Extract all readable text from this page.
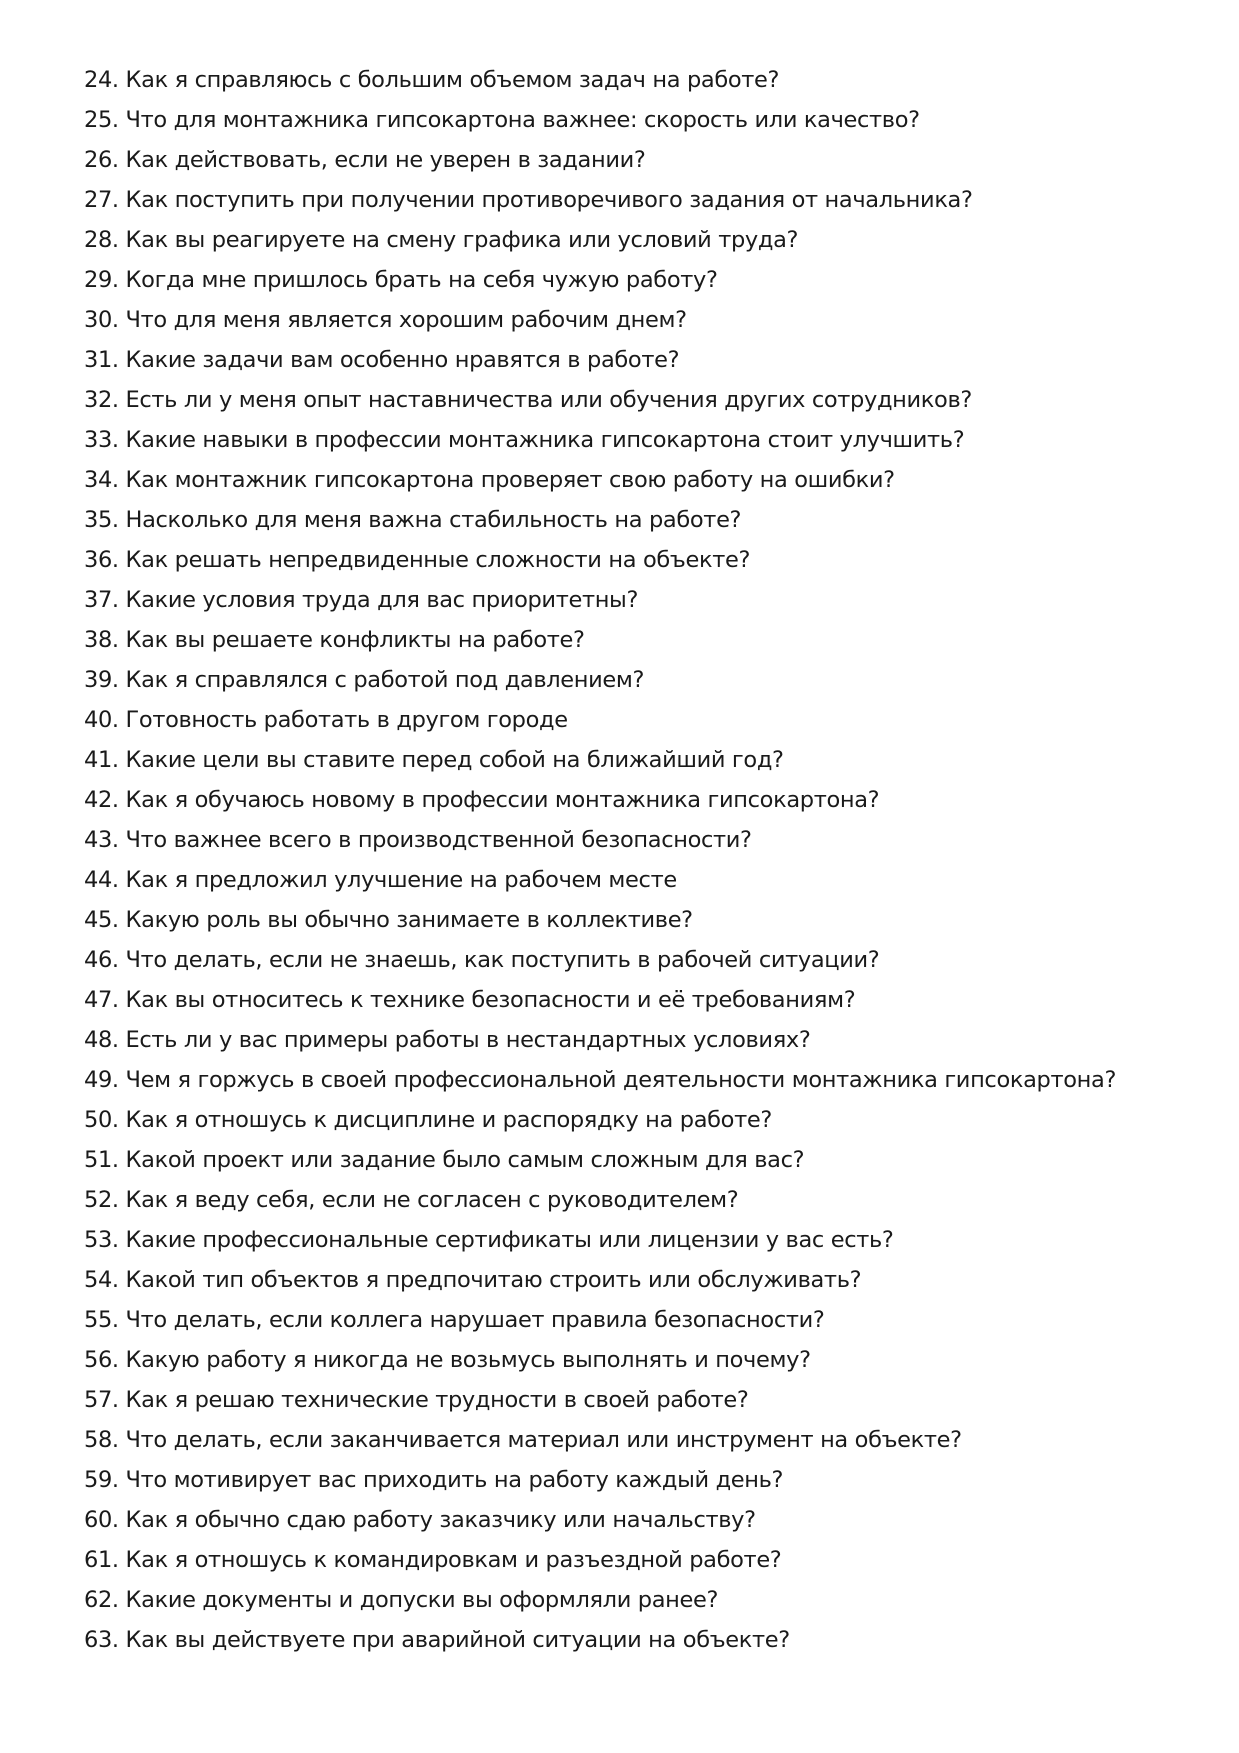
24. Как я справляюсь с большим объемом задач на работе?
25. Что для монтажника гипсокартона важнее: скорость или качество?
26. Как действовать, если не уверен в задании?
27. Как поступить при получении противоречивого задания от начальника?
28. Как вы реагируете на смену графика или условий труда?
29. Когда мне пришлось брать на себя чужую работу?
30. Что для меня является хорошим рабочим днем?
31. Какие задачи вам особенно нравятся в работе?
32. Есть ли у меня опыт наставничества или обучения других сотрудников?
33. Какие навыки в профессии монтажника гипсокартона стоит улучшить?
34. Как монтажник гипсокартона проверяет свою работу на ошибки?
35. Насколько для меня важна стабильность на работе?
36. Как решать непредвиденные сложности на объекте?
37. Какие условия труда для вас приоритетны?
38. Как вы решаете конфликты на работе?
39. Как я справлялся с работой под давлением?
40. Готовность работать в другом городе
41. Какие цели вы ставите перед собой на ближайший год?
42. Как я обучаюсь новому в профессии монтажника гипсокартона?
43. Что важнее всего в производственной безопасности?
44. Как я предложил улучшение на рабочем месте
45. Какую роль вы обычно занимаете в коллективе?
46. Что делать, если не знаешь, как поступить в рабочей ситуации?
47. Как вы относитесь к технике безопасности и её требованиям?
48. Есть ли у вас примеры работы в нестандартных условиях?
49. Чем я горжусь в своей профессиональной деятельности монтажника гипсокартона?
50. Как я отношусь к дисциплине и распорядку на работе?
51. Какой проект или задание было самым сложным для вас?
52. Как я веду себя, если не согласен с руководителем?
53. Какие профессиональные сертификаты или лицензии у вас есть?
54. Какой тип объектов я предпочитаю строить или обслуживать?
55. Что делать, если коллега нарушает правила безопасности?
56. Какую работу я никогда не возьмусь выполнять и почему?
57. Как я решаю технические трудности в своей работе?
58. Что делать, если заканчивается материал или инструмент на объекте?
59. Что мотивирует вас приходить на работу каждый день?
60. Как я обычно сдаю работу заказчику или начальству?
61. Как я отношусь к командировкам и разъездной работе?
62. Какие документы и допуски вы оформляли ранее?
63. Как вы действуете при аварийной ситуации на объекте?
